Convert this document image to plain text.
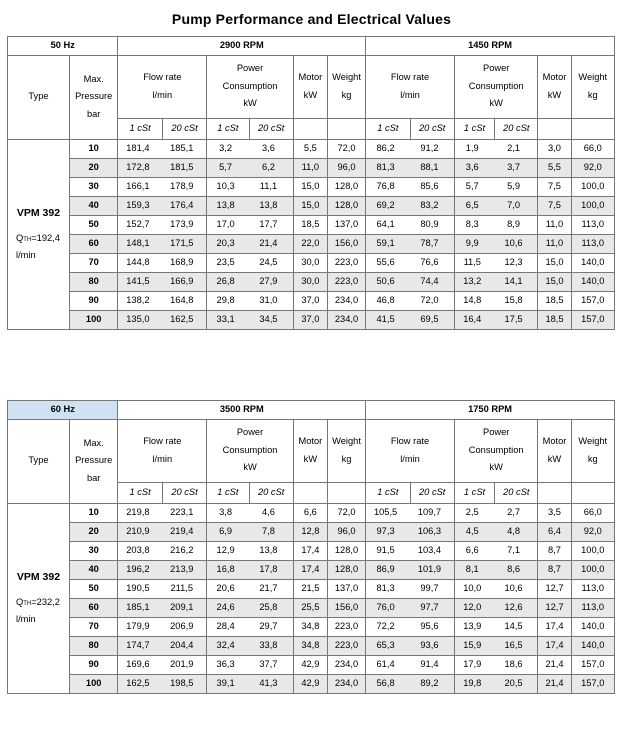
Pump Performance and Electrical Values
50 Hz		2900 RPM						1450 RPM					
Type	Max.
Pressure
bar	Flow rate
l/min		Power
Consumption
kW		Motor
kW	Weight
kg	Flow rate
l/min		Power
Consumption
kW		Motor
kW	Weight
kg
		1 cSt	20 cSt	1 cSt	20 cSt			1 cSt	20 cSt	1 cSt	20 cSt		

VPM 392
QTH=192,4
l/min	10	181,4	185,1	3,2	3,6	5,5	72,0	86,2	91,2	1,9	2,1	3,0	66,0
	20	172,8	181,5	5,7	6,2	11,0	96,0	81,3	88,1	3,6	3,7	5,5	92,0
	30	166,1	178,9	10,3	11,1	15,0	128,0	76,8	85,6	5,7	5,9	7,5	100,0
	40	159,3	176,4	13,8	13,8	15,0	128,0	69,2	83,2	6,5	7,0	7,5	100,0
	50	152,7	173,9	17,0	17,7	18,5	137,0	64,1	80,9	8,3	8,9	11,0	113,0
	60	148,1	171,5	20,3	21,4	22,0	156,0	59,1	78,7	9,9	10,6	11,0	113,0
	70	144,8	168,9	23,5	24,5	30,0	223,0	55,6	76,6	11,5	12,3	15,0	140,0
	80	141,5	166,9	26,8	27,9	30,0	223,0	50,6	74,4	13,2	14,1	15,0	140,0
	90	138,2	164,8	29,8	31,0	37,0	234,0	46,8	72,0	14,8	15,8	18,5	157,0
	100	135,0	162,5	33,1	34,5	37,0	234,0	41,5	69,5	16,4	17,5	18,5	157,0
60 Hz		3500 RPM						1750 RPM					
Type	Max.
Pressure
bar	Flow rate
l/min		Power
Consumption
kW		Motor
kW	Weight
kg	Flow rate
l/min		Power
Consumption
kW		Motor
kW	Weight
kg
		1 cSt	20 cSt	1 cSt	20 cSt			1 cSt	20 cSt	1 cSt	20 cSt		

VPM 392
QTH=232,2
l/min	10	219,8	223,1	3,8	4,6	6,6	72,0	105,5	109,7	2,5	2,7	3,5	66,0
	20	210,9	219,4	6,9	7,8	12,8	96,0	97,3	106,3	4,5	4,8	6,4	92,0
	30	203,8	216,2	12,9	13,8	17,4	128,0	91,5	103,4	6,6	7,1	8,7	100,0
	40	196,2	213,9	16,8	17,8	17,4	128,0	86,9	101,9	8,1	8,6	8,7	100,0
	50	190,5	211,5	20,6	21,7	21,5	137,0	81,3	99,7	10,0	10,6	12,7	113,0
	60	185,1	209,1	24,6	25,8	25,5	156,0	76,0	97,7	12,0	12,6	12,7	113,0
	70	179,9	206,9	28,4	29,7	34,8	223,0	72,2	95,6	13,9	14,5	17,4	140,0
	80	174,7	204,4	32,4	33,8	34,8	223,0	65,3	93,6	15,9	16,5	17,4	140,0
	90	169,6	201,9	36,3	37,7	42,9	234,0	61,4	91,4	17,9	18,6	21,4	157,0
	100	162,5	198,5	39,1	41,3	42,9	234,0	56,8	89,2	19,8	20,5	21,4	157,0
